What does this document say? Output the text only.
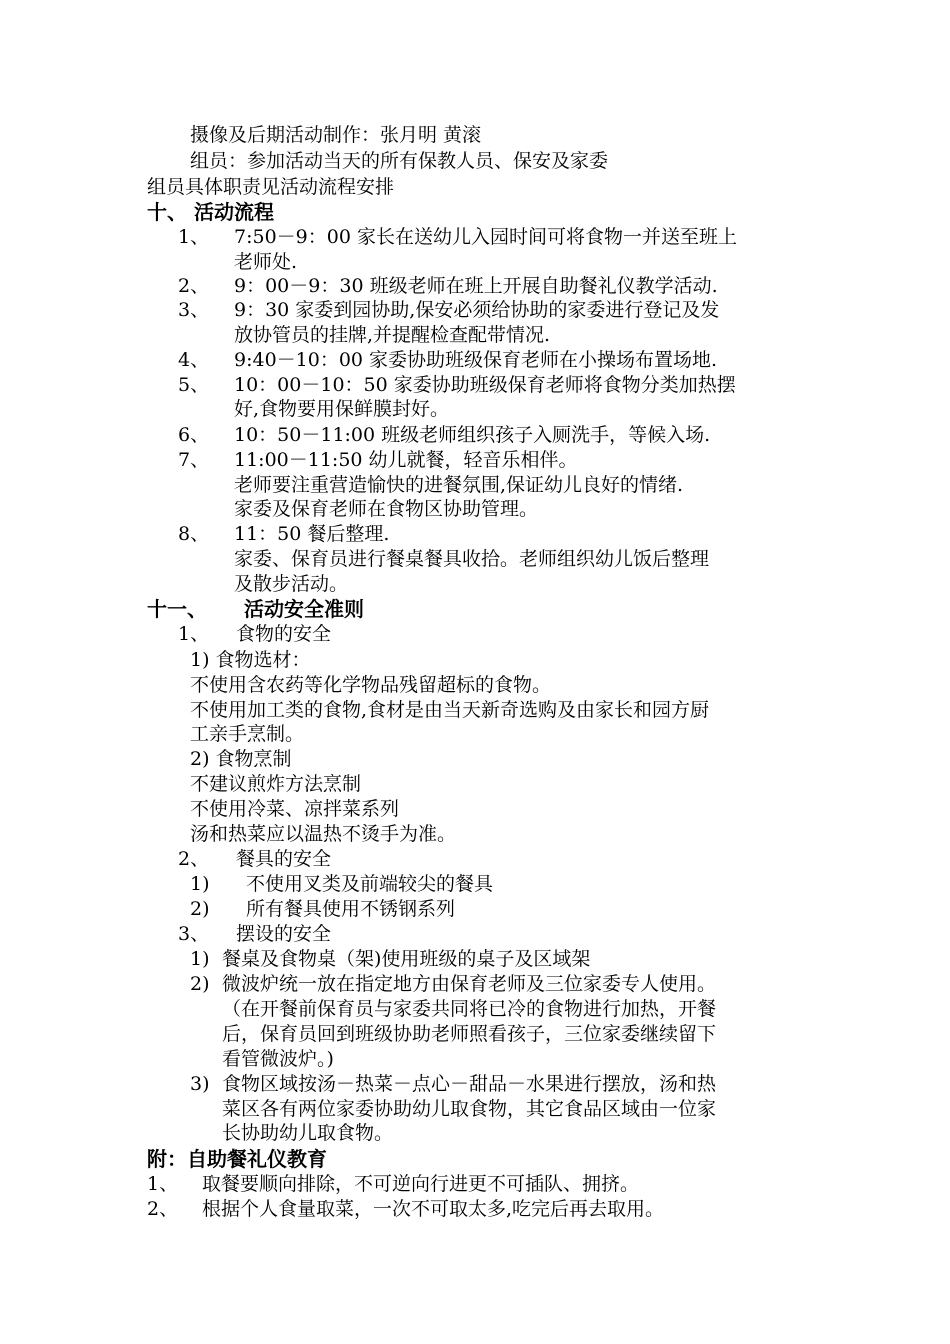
摄像及后期活动制作：张月明 黄滚
组员：参加活动当天的所有保教人员、保安及家委
组员具体职责见活动流程安排
十、 活动流程
1、 7:50－9：00 家长在送幼儿入园时间可将食物一并送至班上
老师处.
2、 9：00－9：30 班级老师在班上开展自助餐礼仪教学活动.
3、 9：30 家委到园协助,保安必须给协助的家委进行登记及发
放协管员的挂牌,并提醒检查配带情况.
4、 9:40－10：00 家委协助班级保育老师在小操场布置场地.
5、 10：00－10：50 家委协助班级保育老师将食物分类加热摆
好,食物要用保鲜膜封好。
6、 10：50－11:00 班级老师组织孩子入厕洗手，等候入场.
7、 11:00－11:50 幼儿就餐，轻音乐相伴。
老师要注重营造愉快的进餐氛围,保证幼儿良好的情绪.
家委及保育老师在食物区协助管理。
8、 11：50 餐后整理.
家委、保育员进行餐桌餐具收拾。老师组织幼儿饭后整理
及散步活动。
十一、 活动安全准则
1、 食物的安全
1) 食物选材：
不使用含农药等化学物品残留超标的食物。
不使用加工类的食物,食材是由当天新奇选购及由家长和园方厨
工亲手烹制。
2) 食物烹制
不建议煎炸方法烹制
不使用冷菜、凉拌菜系列
汤和热菜应以温热不烫手为准。
2、 餐具的安全
1) 不使用叉类及前端较尖的餐具
2) 所有餐具使用不锈钢系列
3、 摆设的安全
1) 餐桌及食物桌（架)使用班级的桌子及区域架
2) 微波炉统一放在指定地方由保育老师及三位家委专人使用。
（在开餐前保育员与家委共同将已冷的食物进行加热，开餐
后，保育员回到班级协助老师照看孩子，三位家委继续留下
看管微波炉。)
3) 食物区域按汤－热菜－点心－甜品－水果进行摆放，汤和热
菜区各有两位家委协助幼儿取食物，其它食品区域由一位家
长协助幼儿取食物。
附：自助餐礼仪教育
1、 取餐要顺向排除，不可逆向行进更不可插队、拥挤。
2、 根据个人食量取菜，一次不可取太多,吃完后再去取用。
